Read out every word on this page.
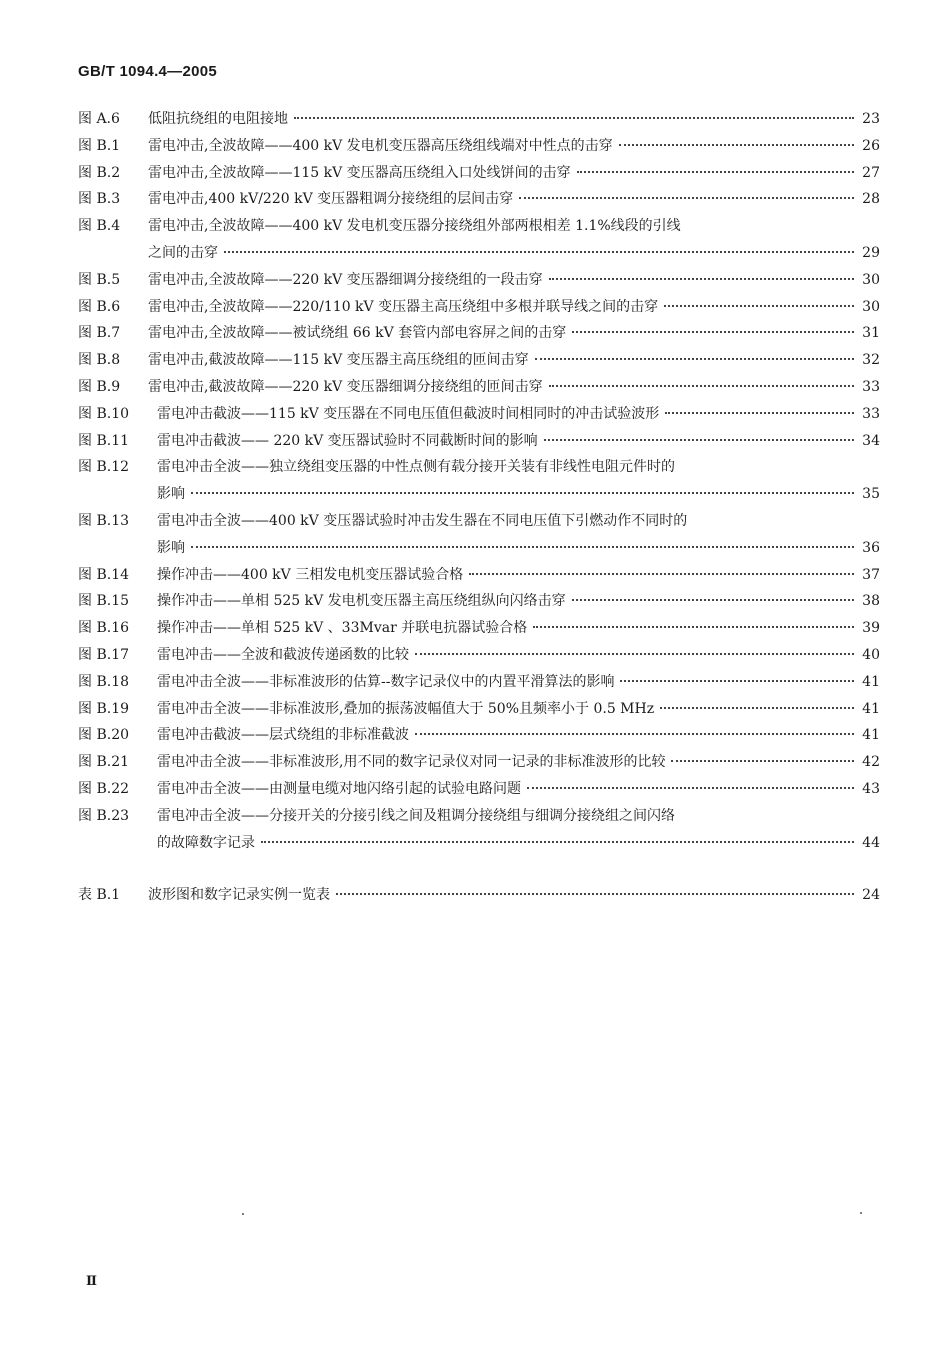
GB/T 1094.4—2005
图 A.6	低阻抗绕组的电阻接地	23
图 B.1	雷电冲击,全波故障——400 kV 发电机变压器高压绕组线端对中性点的击穿	26
图 B.2	雷电冲击,全波故障——115 kV 变压器高压绕组入口处线饼间的击穿	27
图 B.3	雷电冲击,400 kV/220 kV 变压器粗调分接绕组的层间击穿	28
图 B.4	雷电冲击,全波故障——400 kV 发电机变压器分接绕组外部两根相差 1.1%线段的引线
之间的击穿	29
图 B.5	雷电冲击,全波故障——220 kV 变压器细调分接绕组的一段击穿	30
图 B.6	雷电冲击,全波故障——220/110 kV 变压器主高压绕组中多根并联导线之间的击穿	30
图 B.7	雷电冲击,全波故障——被试绕组 66 kV 套管内部电容屏之间的击穿	31
图 B.8	雷电冲击,截波故障——115 kV 变压器主高压绕组的匝间击穿	32
图 B.9	雷电冲击,截波故障——220 kV 变压器细调分接绕组的匝间击穿	33
图 B.10	雷电冲击截波——115 kV 变压器在不同电压值但截波时间相同时的冲击试验波形	33
图 B.11	雷电冲击截波—— 220 kV 变压器试验时不同截断时间的影响	34
图 B.12	雷电冲击全波——独立绕组变压器的中性点侧有载分接开关装有非线性电阻元件时的
影响	35
图 B.13	雷电冲击全波——400 kV 变压器试验时冲击发生器在不同电压值下引燃动作不同时的
影响	36
图 B.14	操作冲击——400 kV 三相发电机变压器试验合格	37
图 B.15	操作冲击——单相 525 kV 发电机变压器主高压绕组纵向闪络击穿	38
图 B.16	操作冲击——单相 525 kV 、33Mvar 并联电抗器试验合格	39
图 B.17	雷电冲击——全波和截波传递函数的比较	40
图 B.18	雷电冲击全波——非标准波形的估算--数字记录仪中的内置平滑算法的影响	41
图 B.19	雷电冲击全波——非标准波形,叠加的振荡波幅值大于 50%且频率小于 0.5 MHz	41
图 B.20	雷电冲击截波——层式绕组的非标准截波	41
图 B.21	雷电冲击全波——非标准波形,用不同的数字记录仪对同一记录的非标准波形的比较	42
图 B.22	雷电冲击全波——由测量电缆对地闪络引起的试验电路问题	43
图 B.23	雷电冲击全波——分接开关的分接引线之间及粗调分接绕组与细调分接绕组之间闪络
的故障数字记录	44
表 B.1	波形图和数字记录实例一览表	24
Ⅱ
